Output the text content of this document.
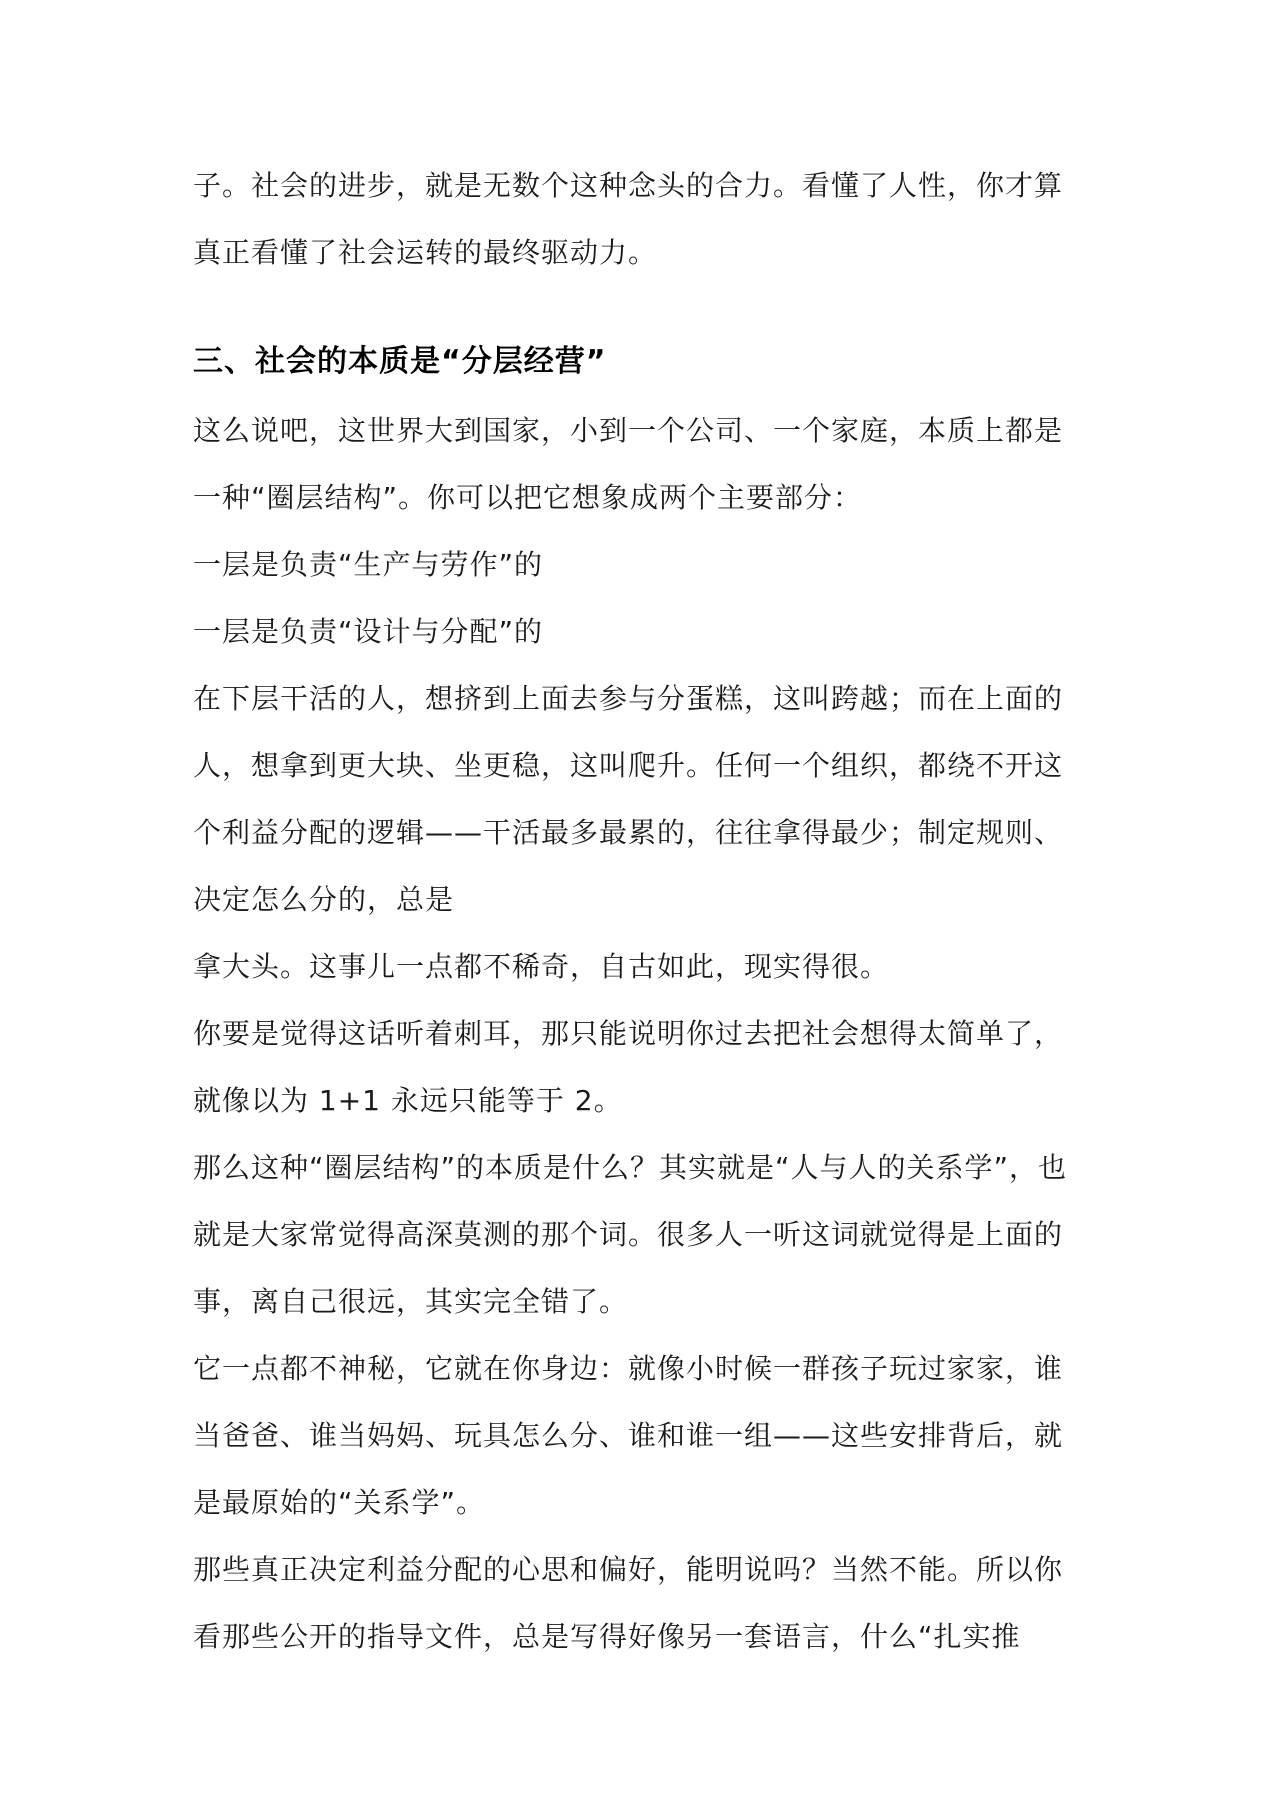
子。社会的进步，就是无数个这种念头的合力。看懂了人性，你才算
真正看懂了社会运转的最终驱动力。
三、社会的本质是“分层经营”
这么说吧，这世界大到国家，小到一个公司、一个家庭，本质上都是
一种“圈层结构”。你可以把它想象成两个主要部分：
一层是负责“生产与劳作”的
一层是负责“设计与分配”的
在下层干活的人，想挤到上面去参与分蛋糕，这叫跨越；而在上面的
人，想拿到更大块、坐更稳，这叫爬升。任何一个组织，都绕不开这
个利益分配的逻辑——干活最多最累的，往往拿得最少；制定规则、
决定怎么分的，总是
拿大头。这事儿一点都不稀奇，自古如此，现实得很。
你要是觉得这话听着刺耳，那只能说明你过去把社会想得太简单了，
就像以为 1+1 永远只能等于 2。
那么这种“圈层结构”的本质是什么？其实就是“人与人的关系学”，也
就是大家常觉得高深莫测的那个词。很多人一听这词就觉得是上面的
事，离自己很远，其实完全错了。
它一点都不神秘，它就在你身边：就像小时候一群孩子玩过家家，谁
当爸爸、谁当妈妈、玩具怎么分、谁和谁一组——这些安排背后，就
是最原始的“关系学”。
那些真正决定利益分配的心思和偏好，能明说吗？当然不能。所以你
看那些公开的指导文件，总是写得好像另一套语言，什么“扎实推
